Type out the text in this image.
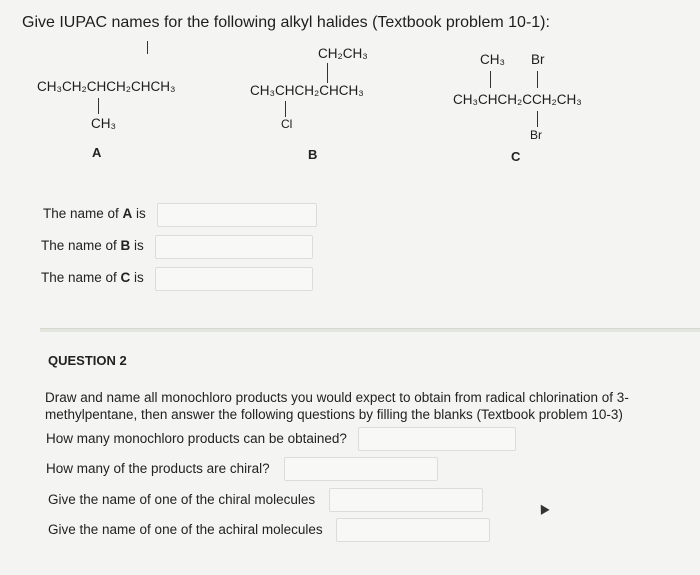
Give IUPAC names for the following alkyl halides (Textbook problem 10-1):
CH₃CH₂CHCH₂CHCH₃
CH₃
A
CH₂CH₃
CH₃CHCH₂CHCH₃
Cl
B
CH₃ Br
CH₃CHCH₂CCH₂CH₃
Br
C
The name of A is
The name of B is
The name of C is
QUESTION 2
Draw and name all monochloro products you would expect to obtain from radical chlorination of 3-methylpentane, then answer the following questions by filling the blanks (Textbook problem 10-3)
How many monochloro products can be obtained?
How many of the products are chiral?
Give the name of one of the chiral molecules
Give the name of one of the achiral molecules
